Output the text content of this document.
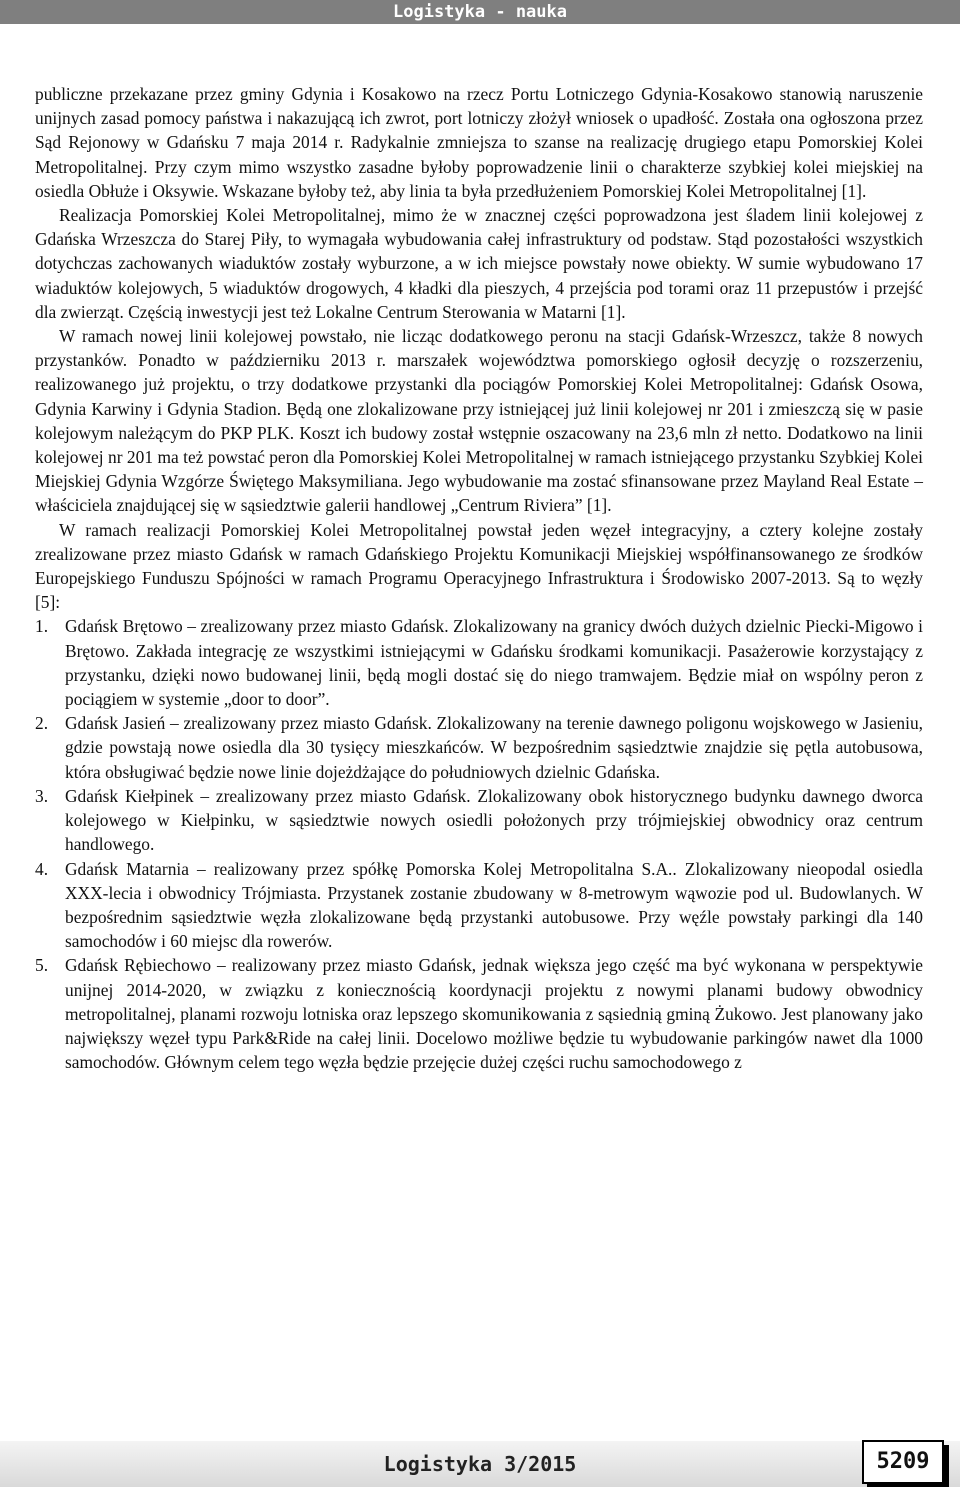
Logistyka - nauka

publiczne przekazane przez gminy Gdynia i Kosakowo na rzecz Portu Lotniczego Gdynia-Kosakowo stanowią naruszenie unijnych zasad pomocy państwa i nakazującą ich zwrot, port lotniczy złożył wniosek o upadłość. Została ona ogłoszona przez Sąd Rejonowy w Gdańsku 7 maja 2014 r. Radykalnie zmniejsza to szanse na realizację drugiego etapu Pomorskiej Kolei Metropolitalnej. Przy czym mimo wszystko zasadne byłoby poprowadzenie linii o charakterze szybkiej kolei miejskiej na osiedla Obłuże i Oksywie. Wskazane byłoby też, aby linia ta była przedłużeniem Pomorskiej Kolei Metropolitalnej [1].

Realizacja Pomorskiej Kolei Metropolitalnej, mimo że w znacznej części poprowadzona jest śladem linii kolejowej z Gdańska Wrzeszcza do Starej Piły, to wymagała wybudowania całej infrastruktury od podstaw. Stąd pozostałości wszystkich dotychczas zachowanych wiaduktów zostały wyburzone, a w ich miejsce powstały nowe obiekty. W sumie wybudowano 17 wiaduktów kolejowych, 5 wiaduktów drogowych, 4 kładki dla pieszych, 4 przejścia pod torami oraz 11 przepustów i przejść dla zwierząt. Częścią inwestycji jest też Lokalne Centrum Sterowania w Matarni [1].

W ramach nowej linii kolejowej powstało, nie licząc dodatkowego peronu na stacji Gdańsk-Wrzeszcz, także 8 nowych przystanków. Ponadto w październiku 2013 r. marszałek województwa pomorskiego ogłosił decyzję o rozszerzeniu, realizowanego już projektu, o trzy dodatkowe przystanki dla pociągów Pomorskiej Kolei Metropolitalnej: Gdańsk Osowa, Gdynia Karwiny i Gdynia Stadion. Będą one zlokalizowane przy istniejącej już linii kolejowej nr 201 i zmieszczą się w pasie kolejowym należącym do PKP PLK. Koszt ich budowy został wstępnie oszacowany na 23,6 mln zł netto. Dodatkowo na linii kolejowej nr 201 ma też powstać peron dla Pomorskiej Kolei Metropolitalnej w ramach istniejącego przystanku Szybkiej Kolei Miejskiej Gdynia Wzgórze Świętego Maksymiliana. Jego wybudowanie ma zostać sfinansowane przez Mayland Real Estate – właściciela znajdującej się w sąsiedztwie galerii handlowej „Centrum Riviera” [1].

W ramach realizacji Pomorskiej Kolei Metropolitalnej powstał jeden węzeł integracyjny, a cztery kolejne zostały zrealizowane przez miasto Gdańsk w ramach Gdańskiego Projektu Komunikacji Miejskiej współfinansowanego ze środków Europejskiego Funduszu Spójności w ramach Programu Operacyjnego Infrastruktura i Środowisko 2007-2013. Są to węzły [5]:

1. Gdańsk Brętowo – zrealizowany przez miasto Gdańsk. Zlokalizowany na granicy dwóch dużych dzielnic Piecki-Migowo i Brętowo. Zakłada integrację ze wszystkimi istniejącymi w Gdańsku środkami komunikacji. Pasażerowie korzystający z przystanku, dzięki nowo budowanej linii, będą mogli dostać się do niego tramwajem. Będzie miał on wspólny peron z pociągiem w systemie „door to door”.
2. Gdańsk Jasień – zrealizowany przez miasto Gdańsk. Zlokalizowany na terenie dawnego poligonu wojskowego w Jasieniu, gdzie powstają nowe osiedla dla 30 tysięcy mieszkańców. W bezpośrednim sąsiedztwie znajdzie się pętla autobusowa, która obsługiwać będzie nowe linie dojeżdżające do południowych dzielnic Gdańska.
3. Gdańsk Kiełpinek – zrealizowany przez miasto Gdańsk. Zlokalizowany obok historycznego budynku dawnego dworca kolejowego w Kiełpinku, w sąsiedztwie nowych osiedli położonych przy trójmiejskiej obwodnicy oraz centrum handlowego.
4. Gdańsk Matarnia – realizowany przez spółkę Pomorska Kolej Metropolitalna S.A.. Zlokalizowany nieopodal osiedla XXX-lecia i obwodnicy Trójmiasta. Przystanek zostanie zbudowany w 8-metrowym wąwozie pod ul. Budowlanych. W bezpośrednim sąsiedztwie węzła zlokalizowane będą przystanki autobusowe. Przy węźle powstały parkingi dla 140 samochodów i 60 miejsc dla rowerów.
5. Gdańsk Rębiechowo – realizowany przez miasto Gdańsk, jednak większa jego część ma być wykonana w perspektywie unijnej 2014-2020, w związku z koniecznością koordynacji projektu z nowymi planami budowy obwodnicy metropolitalnej, planami rozwoju lotniska oraz lepszego skomunikowania z sąsiednią gminą Żukowo. Jest planowany jako największy węzeł typu Park&Ride na całej linii. Docelowo możliwe będzie tu wybudowanie parkingów nawet dla 1000 samochodów. Głównym celem tego węzła będzie przejęcie dużej części ruchu samochodowego z
Logistyka 3/2015	5209
